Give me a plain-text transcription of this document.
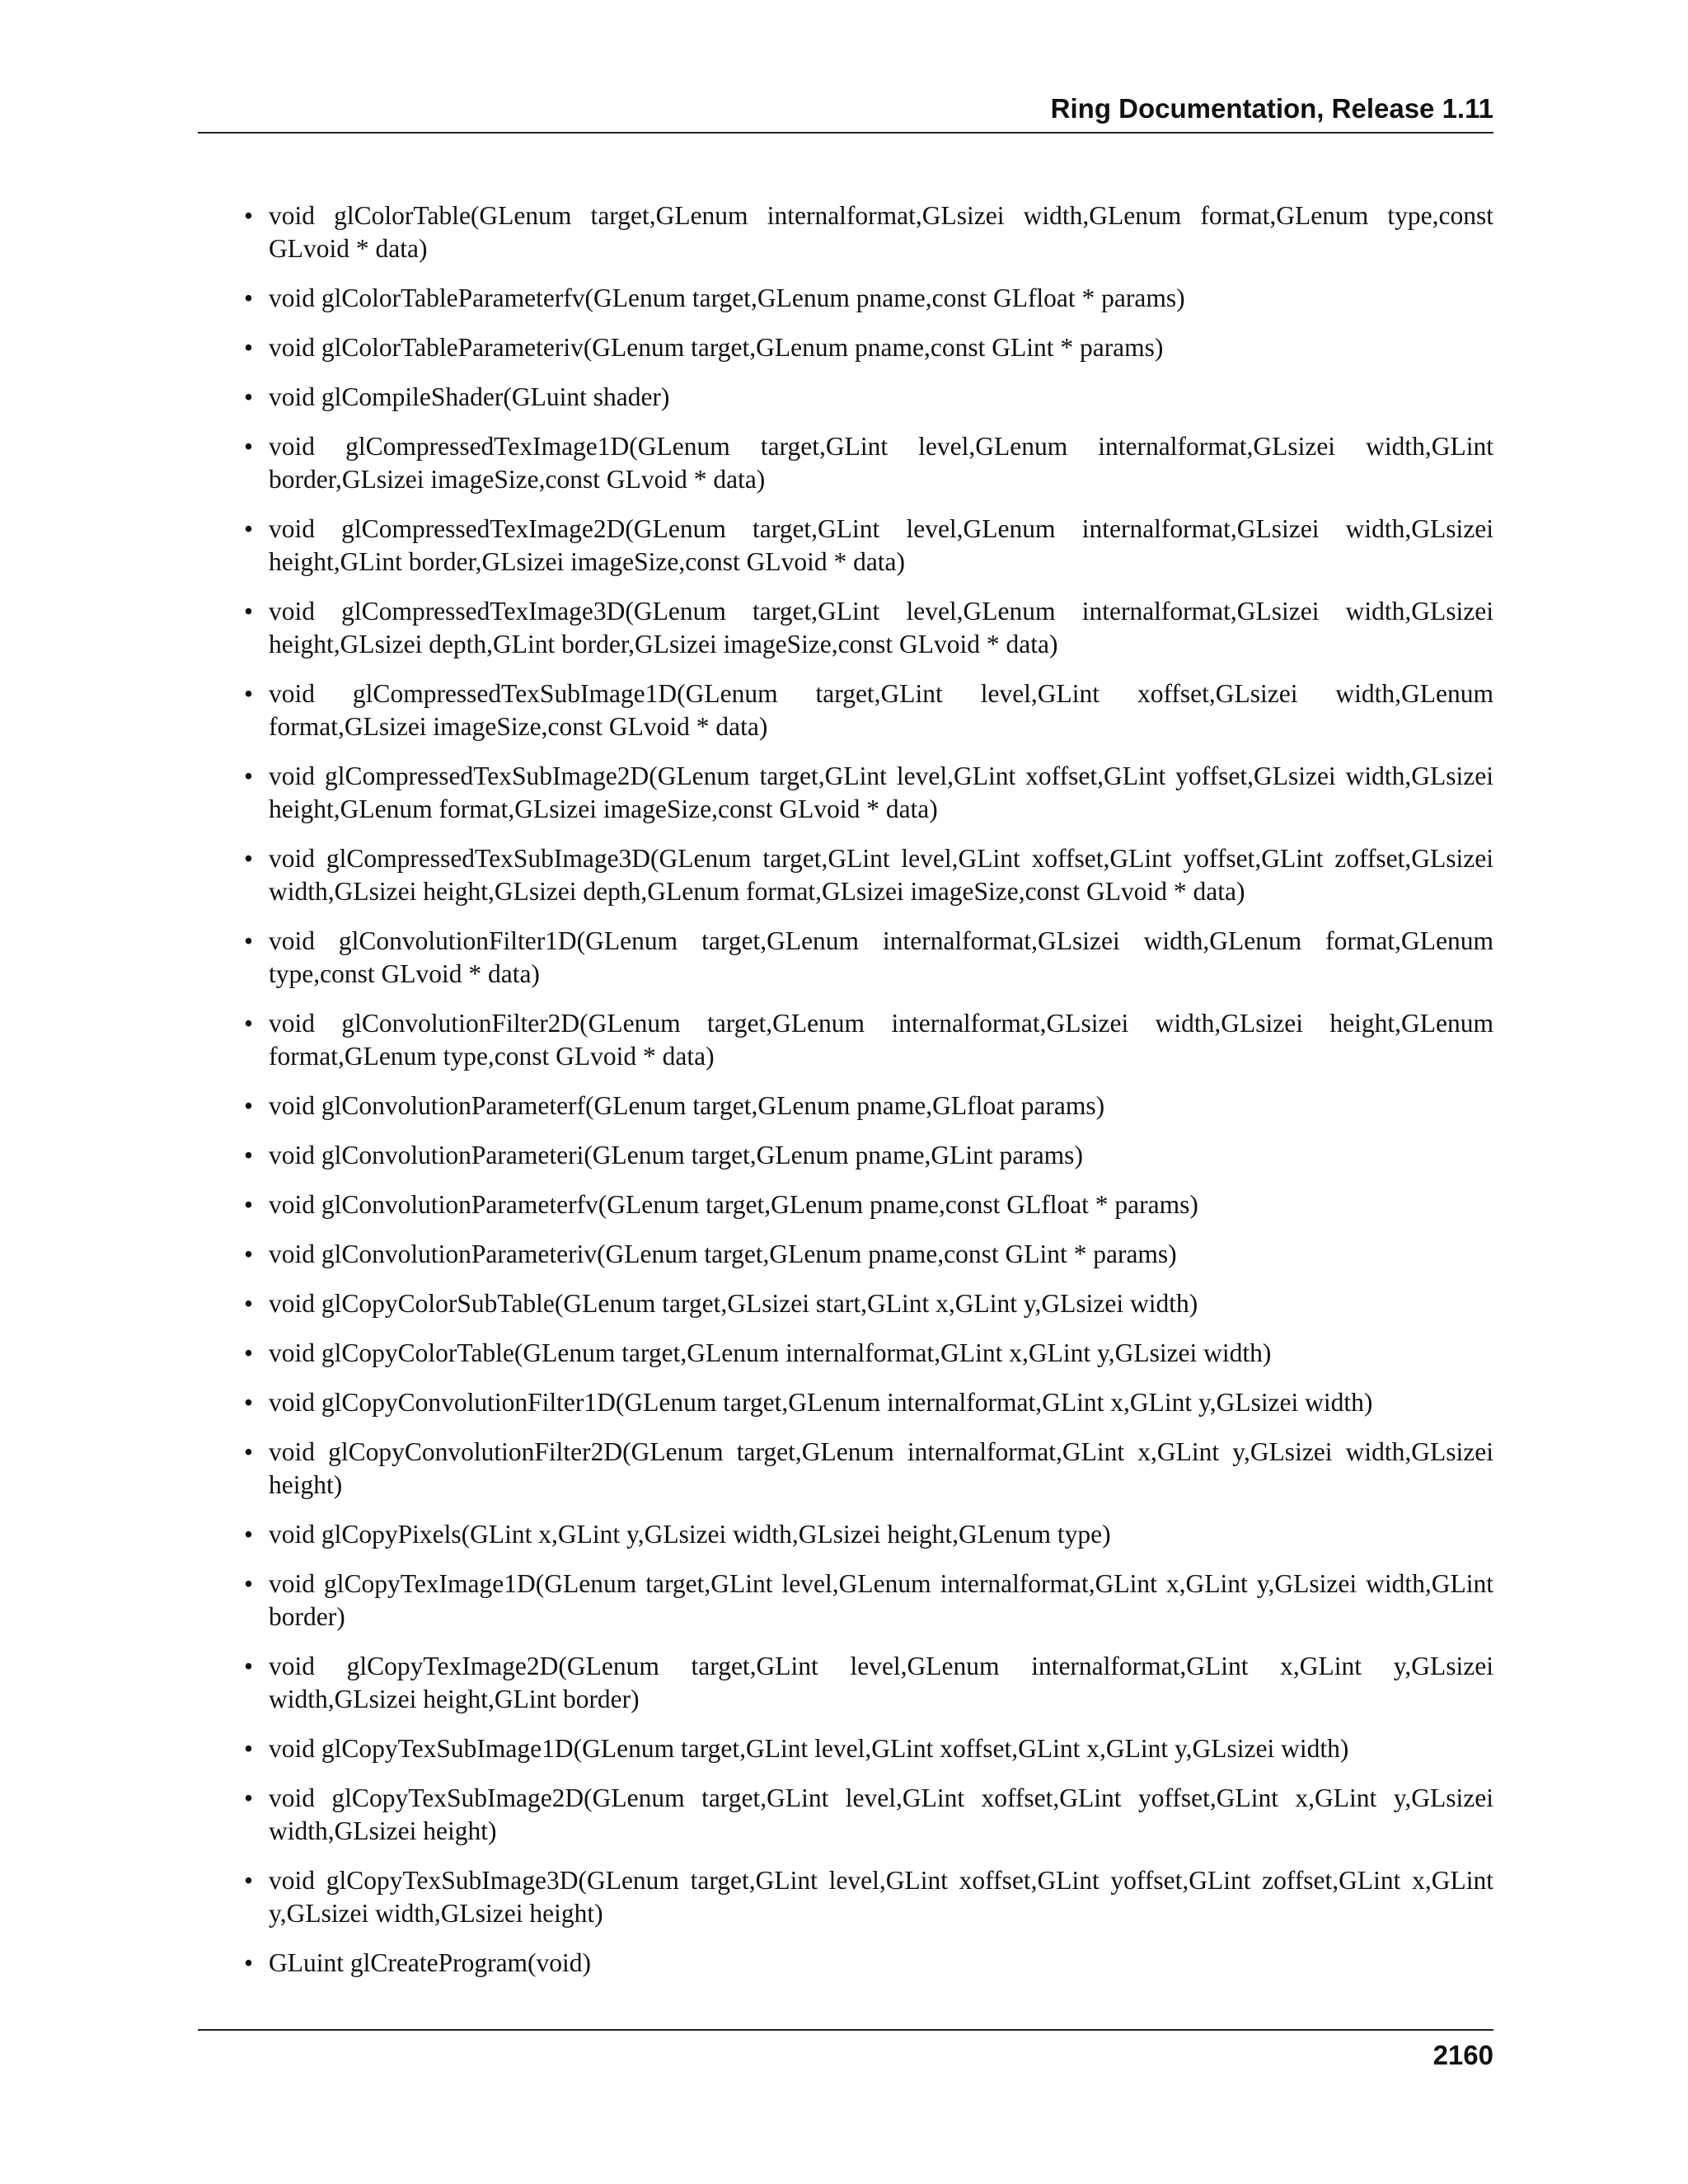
Ring Documentation, Release 1.11
• void glColorTable(GLenum target,GLenum internalformat,GLsizei width,GLenum format,GLenum type,const GLvoid * data)
• void glColorTableParameterfv(GLenum target,GLenum pname,const GLfloat * params)
• void glColorTableParameteriv(GLenum target,GLenum pname,const GLint * params)
• void glCompileShader(GLuint shader)
• void glCompressedTexImage1D(GLenum target,GLint level,GLenum internalformat,GLsizei width,GLint border,GLsizei imageSize,const GLvoid * data)
• void glCompressedTexImage2D(GLenum target,GLint level,GLenum internalformat,GLsizei width,GLsizei height,GLint border,GLsizei imageSize,const GLvoid * data)
• void glCompressedTexImage3D(GLenum target,GLint level,GLenum internalformat,GLsizei width,GLsizei height,GLsizei depth,GLint border,GLsizei imageSize,const GLvoid * data)
• void glCompressedTexSubImage1D(GLenum target,GLint level,GLint xoffset,GLsizei width,GLenum format,GLsizei imageSize,const GLvoid * data)
• void glCompressedTexSubImage2D(GLenum target,GLint level,GLint xoffset,GLint yoffset,GLsizei width,GLsizei height,GLenum format,GLsizei imageSize,const GLvoid * data)
• void glCompressedTexSubImage3D(GLenum target,GLint level,GLint xoffset,GLint yoffset,GLint zoffset,GLsizei width,GLsizei height,GLsizei depth,GLenum format,GLsizei imageSize,const GLvoid * data)
• void glConvolutionFilter1D(GLenum target,GLenum internalformat,GLsizei width,GLenum format,GLenum type,const GLvoid * data)
• void glConvolutionFilter2D(GLenum target,GLenum internalformat,GLsizei width,GLsizei height,GLenum format,GLenum type,const GLvoid * data)
• void glConvolutionParameterf(GLenum target,GLenum pname,GLfloat params)
• void glConvolutionParameteri(GLenum target,GLenum pname,GLint params)
• void glConvolutionParameterfv(GLenum target,GLenum pname,const GLfloat * params)
• void glConvolutionParameteriv(GLenum target,GLenum pname,const GLint * params)
• void glCopyColorSubTable(GLenum target,GLsizei start,GLint x,GLint y,GLsizei width)
• void glCopyColorTable(GLenum target,GLenum internalformat,GLint x,GLint y,GLsizei width)
• void glCopyConvolutionFilter1D(GLenum target,GLenum internalformat,GLint x,GLint y,GLsizei width)
• void glCopyConvolutionFilter2D(GLenum target,GLenum internalformat,GLint x,GLint y,GLsizei width,GLsizei height)
• void glCopyPixels(GLint x,GLint y,GLsizei width,GLsizei height,GLenum type)
• void glCopyTexImage1D(GLenum target,GLint level,GLenum internalformat,GLint x,GLint y,GLsizei width,GLint border)
• void glCopyTexImage2D(GLenum target,GLint level,GLenum internalformat,GLint x,GLint y,GLsizei width,GLsizei height,GLint border)
• void glCopyTexSubImage1D(GLenum target,GLint level,GLint xoffset,GLint x,GLint y,GLsizei width)
• void glCopyTexSubImage2D(GLenum target,GLint level,GLint xoffset,GLint yoffset,GLint x,GLint y,GLsizei width,GLsizei height)
• void glCopyTexSubImage3D(GLenum target,GLint level,GLint xoffset,GLint yoffset,GLint zoffset,GLint x,GLint y,GLsizei width,GLsizei height)
• GLuint glCreateProgram(void)
2160
